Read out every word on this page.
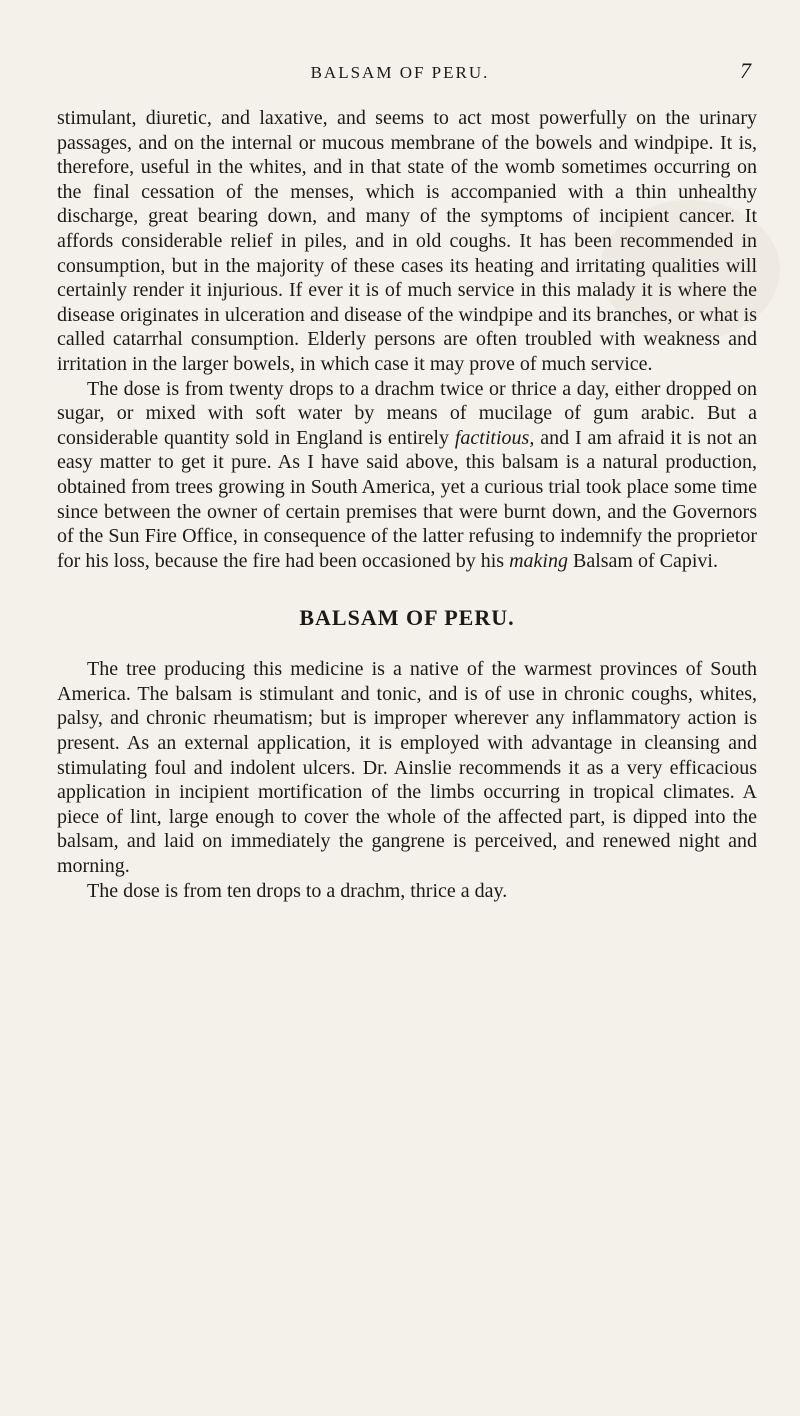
BALSAM OF PERU.	7

stimulant, diuretic, and laxative, and seems to act most powerfully on the urinary passages, and on the internal or mucous membrane of the bowels and windpipe. It is, therefore, useful in the whites, and in that state of the womb sometimes occurring on the final cessation of the menses, which is accompanied with a thin unhealthy discharge, great bearing down, and many of the symptoms of incipient cancer. It affords considerable relief in piles, and in old coughs. It has been recommended in consumption, but in the majority of these cases its heating and irritating qualities will certainly render it injurious. If ever it is of much service in this malady it is where the disease originates in ulceration and disease of the windpipe and its branches, or what is called catarrhal consumption. Elderly persons are often troubled with weakness and irritation in the larger bowels, in which case it may prove of much service.

The dose is from twenty drops to a drachm twice or thrice a day, either dropped on sugar, or mixed with soft water by means of mucilage of gum arabic. But a considerable quantity sold in England is entirely factitious, and I am afraid it is not an easy matter to get it pure. As I have said above, this balsam is a natural production, obtained from trees growing in South America, yet a curious trial took place some time since between the owner of certain premises that were burnt down, and the Governors of the Sun Fire Office, in consequence of the latter refusing to indemnify the proprietor for his loss, because the fire had been occasioned by his making Balsam of Capivi.

BALSAM OF PERU.

The tree producing this medicine is a native of the warmest provinces of South America. The balsam is stimulant and tonic, and is of use in chronic coughs, whites, palsy, and chronic rheumatism; but is improper wherever any inflammatory action is present. As an external application, it is employed with advantage in cleansing and stimulating foul and indolent ulcers. Dr. Ainslie recommends it as a very efficacious application in incipient mortification of the limbs occurring in tropical climates. A piece of lint, large enough to cover the whole of the affected part, is dipped into the balsam, and laid on immediately the gangrene is perceived, and renewed night and morning.

The dose is from ten drops to a drachm, thrice a day.
